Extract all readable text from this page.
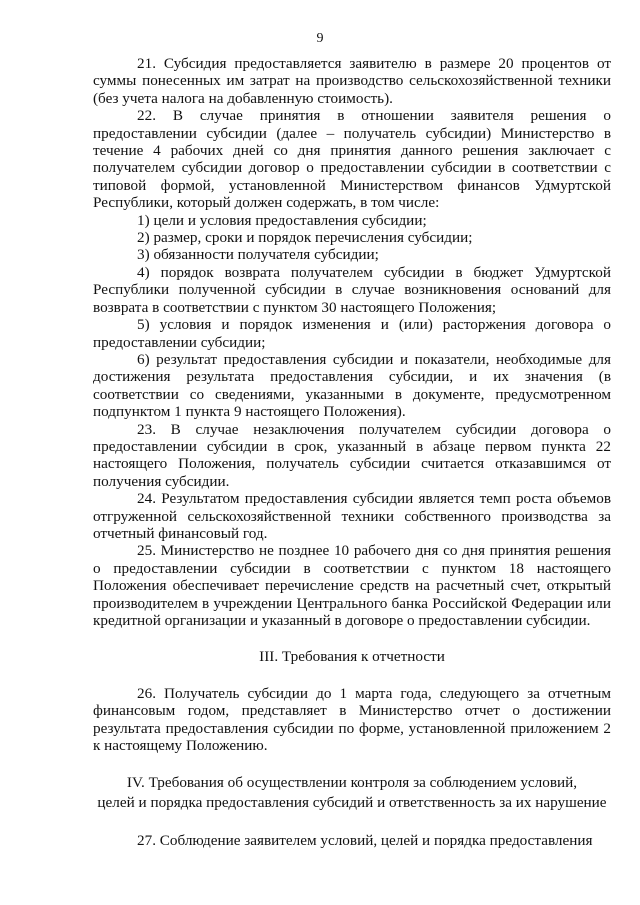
9

21. Субсидия предоставляется заявителю в размере 20 процентов от суммы понесенных им затрат на производство сельскохозяйственной техники (без учета налога на добавленную стоимость).

22. В случае принятия в отношении заявителя решения о предоставлении субсидии (далее – получатель субсидии) Министерство в течение 4 рабочих дней со дня принятия данного решения заключает с получателем субсидии договор о предоставлении субсидии в соответствии с типовой формой, установленной Министерством финансов Удмуртской Республики, который должен содержать, в том числе:

1) цели и условия предоставления субсидии;

2) размер, сроки и порядок перечисления субсидии;

3) обязанности получателя субсидии;

4) порядок возврата получателем субсидии в бюджет Удмуртской Республики полученной субсидии в случае возникновения оснований для возврата в соответствии с пунктом 30 настоящего Положения;

5) условия и порядок изменения и (или) расторжения договора о предоставлении субсидии;

6) результат предоставления субсидии и показатели, необходимые для достижения результата предоставления субсидии, и их значения (в соответствии со сведениями, указанными в документе, предусмотренном подпунктом 1 пункта 9 настоящего Положения).

23. В случае незаключения получателем субсидии договора о предоставлении субсидии в срок, указанный в абзаце первом пункта 22 настоящего Положения, получатель субсидии считается отказавшимся от получения субсидии.

24. Результатом предоставления субсидии является темп роста объемов отгруженной сельскохозяйственной техники собственного производства за отчетный финансовый год.

25. Министерство не позднее 10 рабочего дня со дня принятия решения о предоставлении субсидии в соответствии с пунктом 18 настоящего Положения обеспечивает перечисление средств на расчетный счет, открытый производителем в учреждении Центрального банка Российской Федерации или кредитной организации и указанный в договоре о предоставлении субсидии.

III. Требования к отчетности

26. Получатель субсидии до 1 марта года, следующего за отчетным финансовым годом, представляет в Министерство отчет о достижении результата предоставления субсидии по форме, установленной приложением 2 к настоящему Положению.

IV. Требования об осуществлении контроля за соблюдением условий,

целей и порядка предоставления субсидий и ответственность за их нарушение

27. Соблюдение заявителем условий, целей и порядка предоставления
